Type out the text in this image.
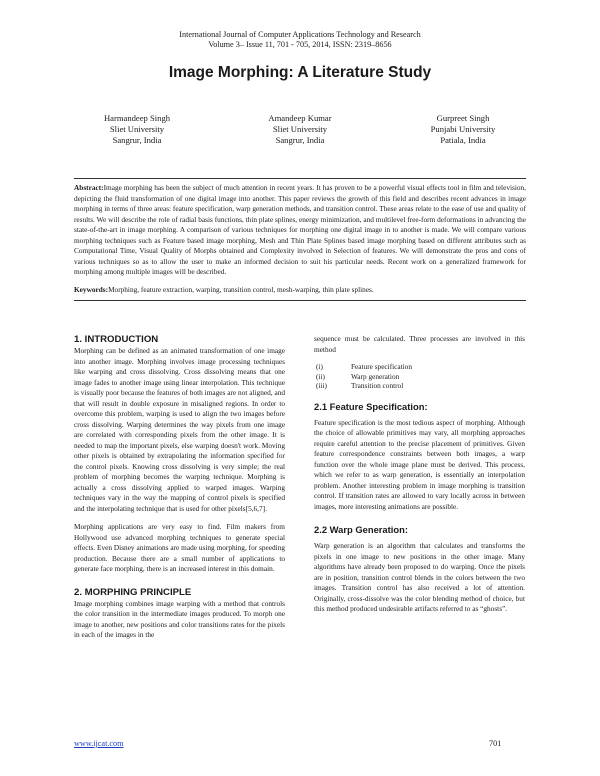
International Journal of Computer Applications Technology and Research
Volume 3– Issue 11, 701 - 705, 2014, ISSN: 2319–8656
Image Morphing: A Literature Study
Harmandeep Singh
Sliet University
Sangrur, India
Amandeep Kumar
Sliet University
Sangrur, India
Gurpreet Singh
Punjabi University
Patiala, India

Abstract:Image morphing has been the subject of much attention in recent years. It has proven to be a powerful visual effects tool in film and television, depicting the fluid transformation of one digital image into another. This paper reviews the growth of this field and describes recent advances in image morphing in terms of three areas: feature specification, warp generation methods, and transition control. These areas relate to the ease of use and quality of results. We will describe the role of radial basis functions, thin plate splines, energy minimization, and multilevel free-form deformations in advancing the state-of-the-art in image morphing. A comparison of various techniques for morphing one digital image in to another is made. We will compare various morphing techniques such as Feature based image morphing, Mesh and Thin Plate Splines based image morphing based on different attributes such as Computational Time, Visual Quality of Morphs obtained and Complexity involved in Selection of features. We will demonstrate the pros and cons of various techniques so as to allow the user to make an informed decision to suit his particular needs. Recent work on a generalized framework for morphing among multiple images will be described.

Keywords:Morphing, feature extraction, warping, transition control, mesh-warping, thin plate splines.

1. INTRODUCTION

Morphing can be defined as an animated transformation of one image into another image. Morphing involves image processing techniques like warping and cross dissolving. Cross dissolving means that one image fades to another image using linear interpolation. This technique is visually poor because the features of both images are not aligned, and that will result in double exposure in misaligned regions. In order to overcome this problem, warping is used to align the two images before cross dissolving. Warping determines the way pixels from one image are correlated with corresponding pixels from the other image. It is needed to map the important pixels, else warping doesn't work. Moving other pixels is obtained by extrapolating the information specified for the control pixels. Knowing cross dissolving is very simple; the real problem of morphing becomes the warping technique. Morphing is actually a cross dissolving applied to warped images. Warping techniques vary in the way the mapping of control pixels is specified and the interpolating technique that is used for other pixels[5,6,7].

Morphing applications are very easy to find. Film makers from Hollywood use advanced morphing techniques to generate special effects. Even Disney animations are made using morphing, for speeding production. Because there are a small number of applications to generate face morphing, there is an increased interest in this domain.

2. MORPHING PRINCIPLE

Image morphing combines image warping with a method that controls the color transition in the intermediate images produced. To morph one image to another, new positions and color transitions rates for the pixels in each of the images in the

sequence must be calculated. Three processes are involved in this method

(i)	Feature specification
(ii)	Warp generation
(iii)	Transition control
2.1 Feature Specification:

Feature specification is the most tedious aspect of morphing. Although the choice of allowable primitives may vary, all morphing approaches require careful attention to the precise placement of primitives. Given feature correspondence constraints between both images, a warp function over the whole image plane must be derived. This process, which we refer to as warp generation, is essentially an interpolation problem. Another interesting problem in image morphing is transition control. If transition rates are allowed to vary locally across in between images, more interesting animations are possible.

2.2 Warp Generation:

Warp generation is an algorithm that calculates and transforms the pixels in one image to new positions in the other image. Many algorithms have already been proposed to do warping. Once the pixels are in position, transition control blends in the colors between the two images. Transition control has also received a lot of attention. Originally, cross-dissolve was the color blending method of choice, but this method produced undesirable artifacts referred to as “ghosts”.

www.ijcat.com	701
